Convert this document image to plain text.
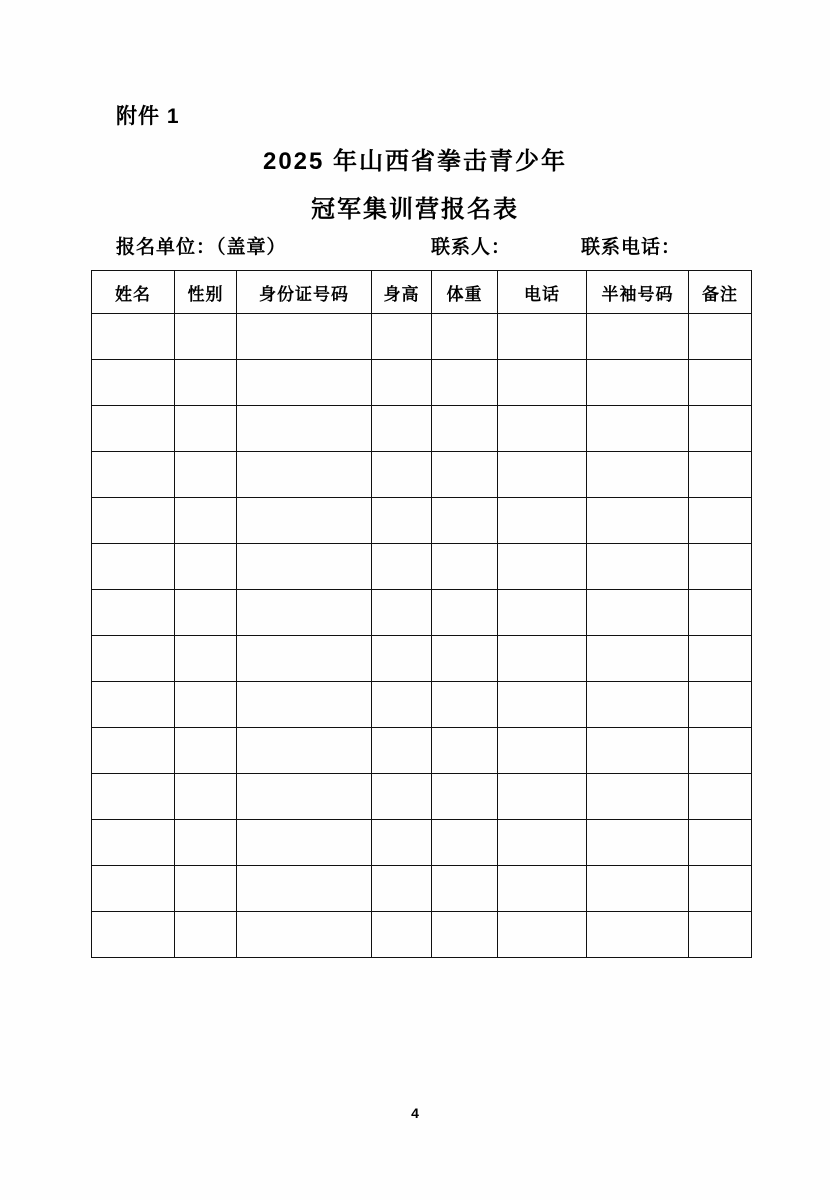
附件 1
2025 年山西省拳击青少年
冠军集训营报名表
报名单位：（盖章）	联系人：	联系电话：
姓名	性别	身份证号码	身高	体重	电话	半袖号码	备注

4
